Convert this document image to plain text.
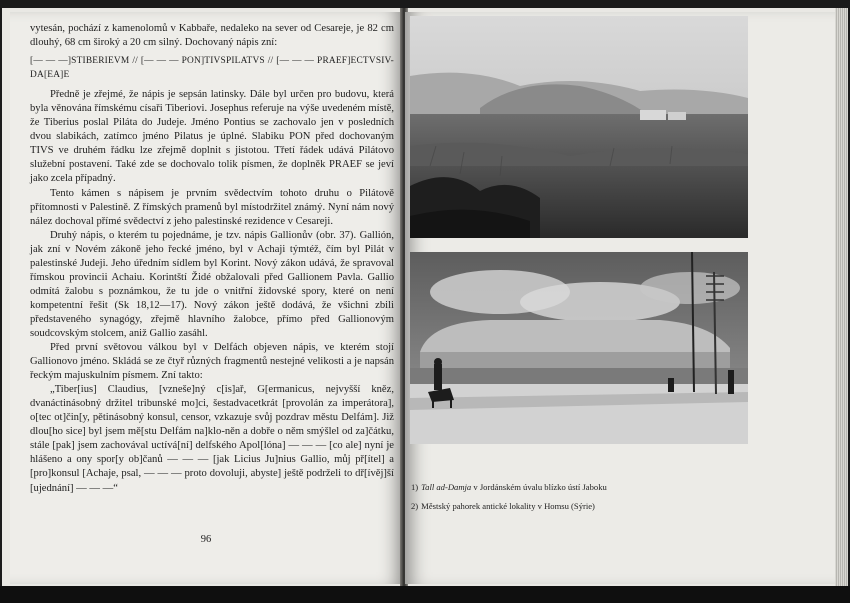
vytesán, pochází z kamenolomů v Kabbaře, nedaleko na sever od Cesareje, je 82 cm dlouhý, 68 cm široký a 20 cm silný. Dochovaný nápis zní:

[— — —]STIBERIEVM // [— — — PON]TIVSPILATVS // [— — — PRAEF]ECTVSIV-DA[EA]E

Předně je zřejmé, že nápis je sepsán latinsky. Dále byl určen pro budovu, která byla věnována římskému císaři Tiberiovi. Josephus referuje na výše uvedeném místě, že Tiberius poslal Piláta do Judeje. Jméno Pontius se zachovalo jen v posledních dvou slabikách, zatímco jméno Pilatus je úplné. Slabiku PON před dochovaným TIVS ve druhém řádku lze zřejmě doplnit s jistotou. Třetí řádek udává Pilátovo služební postavení. Také zde se dochovalo tolik písmen, že doplněk PRAEF se jeví jako zcela případný.

Tento kámen s nápisem je prvním svědectvím tohoto druhu o Pilátově přítomnosti v Palestině. Z římských pramenů byl místodržitel známý. Nyní nám nový nález dochoval přímé svědectví z jeho palestinské rezidence v Cesareji.

Druhý nápis, o kterém tu pojednáme, je tzv. nápis Gallionův (obr. 37). Gallión, jak zní v Novém zákoně jeho řecké jméno, byl v Achaji týmtéž, čím byl Pilát v palestinské Judeji. Jeho úředním sídlem byl Korint. Nový zákon udává, že spravoval římskou provincii Achaiu. Korintští Židé obžalovali před Gallionem Pavla. Gallio odmítá žalobu s poznámkou, že tu jde o vnitřní židovské spory, které on není kompetentní řešit (Sk 18,12—17). Nový zákon ještě dodává, že všichni zbili představeného synagógy, zřejmě hlavního žalobce, přímo před Gallionovým soudcovským stolcem, aniž Gallio zasáhl.

Před první světovou válkou byl v Delfách objeven nápis, ve kterém stojí Gallionovo jméno. Skládá se ze čtyř různých fragmentů nestejné velikosti a je napsán řeckým majuskulním písmem. Zní takto:

„Tiber[ius] Claudius, [vzneše]ný c[is]ař, G[ermanicus, nejvyšší kněz, dvanáctinásobný držitel tribunské mo]ci, šestadvacetkrát [provolán za imperátora], o[tec ot]čin[y, pětinásobný konsul, censor, vzkazuje svůj pozdrav městu Delfám]. Již dlou[ho sice] byl jsem mě[stu Delfám na]klo-něn a dobře o něm smýšlel od za]čátku, stále [pak] jsem zachovával uctívá[ní] delfského Apol[lóna] — — — [co ale] nyní je hlášeno a ony spor[y ob]čanů — — — [jak Licius Ju]nius Gallio, můj př[ítel] a [pro]konsul [Achaje, psal, — — — proto dovoluji, abyste] ještě podrželi to dř[ívěj]ší [ujednání] — — —“

96
1) Tall ad-Damja v Jordánském úvalu blízko ústí Jaboku
2) Městský pahorek antické lokality v Homsu (Sýrie)
